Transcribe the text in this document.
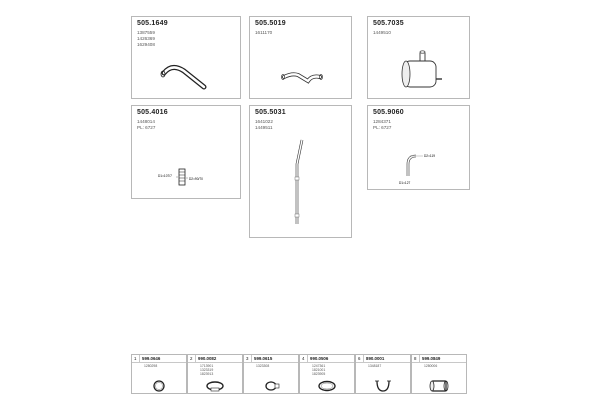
505.1649
1387559
1426369
1629408
505.5019
1611170
505.7035
1449510
505.4016
1448014
PL: 6727
D1=107/7
D2=90/70
505.5031
1641022
1449511
505.9060
1284371
PL: 6727
D2=119
D1=127
1 599.0646
1280298
2 990.0082
1713901
1323319
1823913
3 599.0615
1323308
4 990.0506
1247361
1821001
1823905
6 890.0001
1348187
8 599.0849
1280006
